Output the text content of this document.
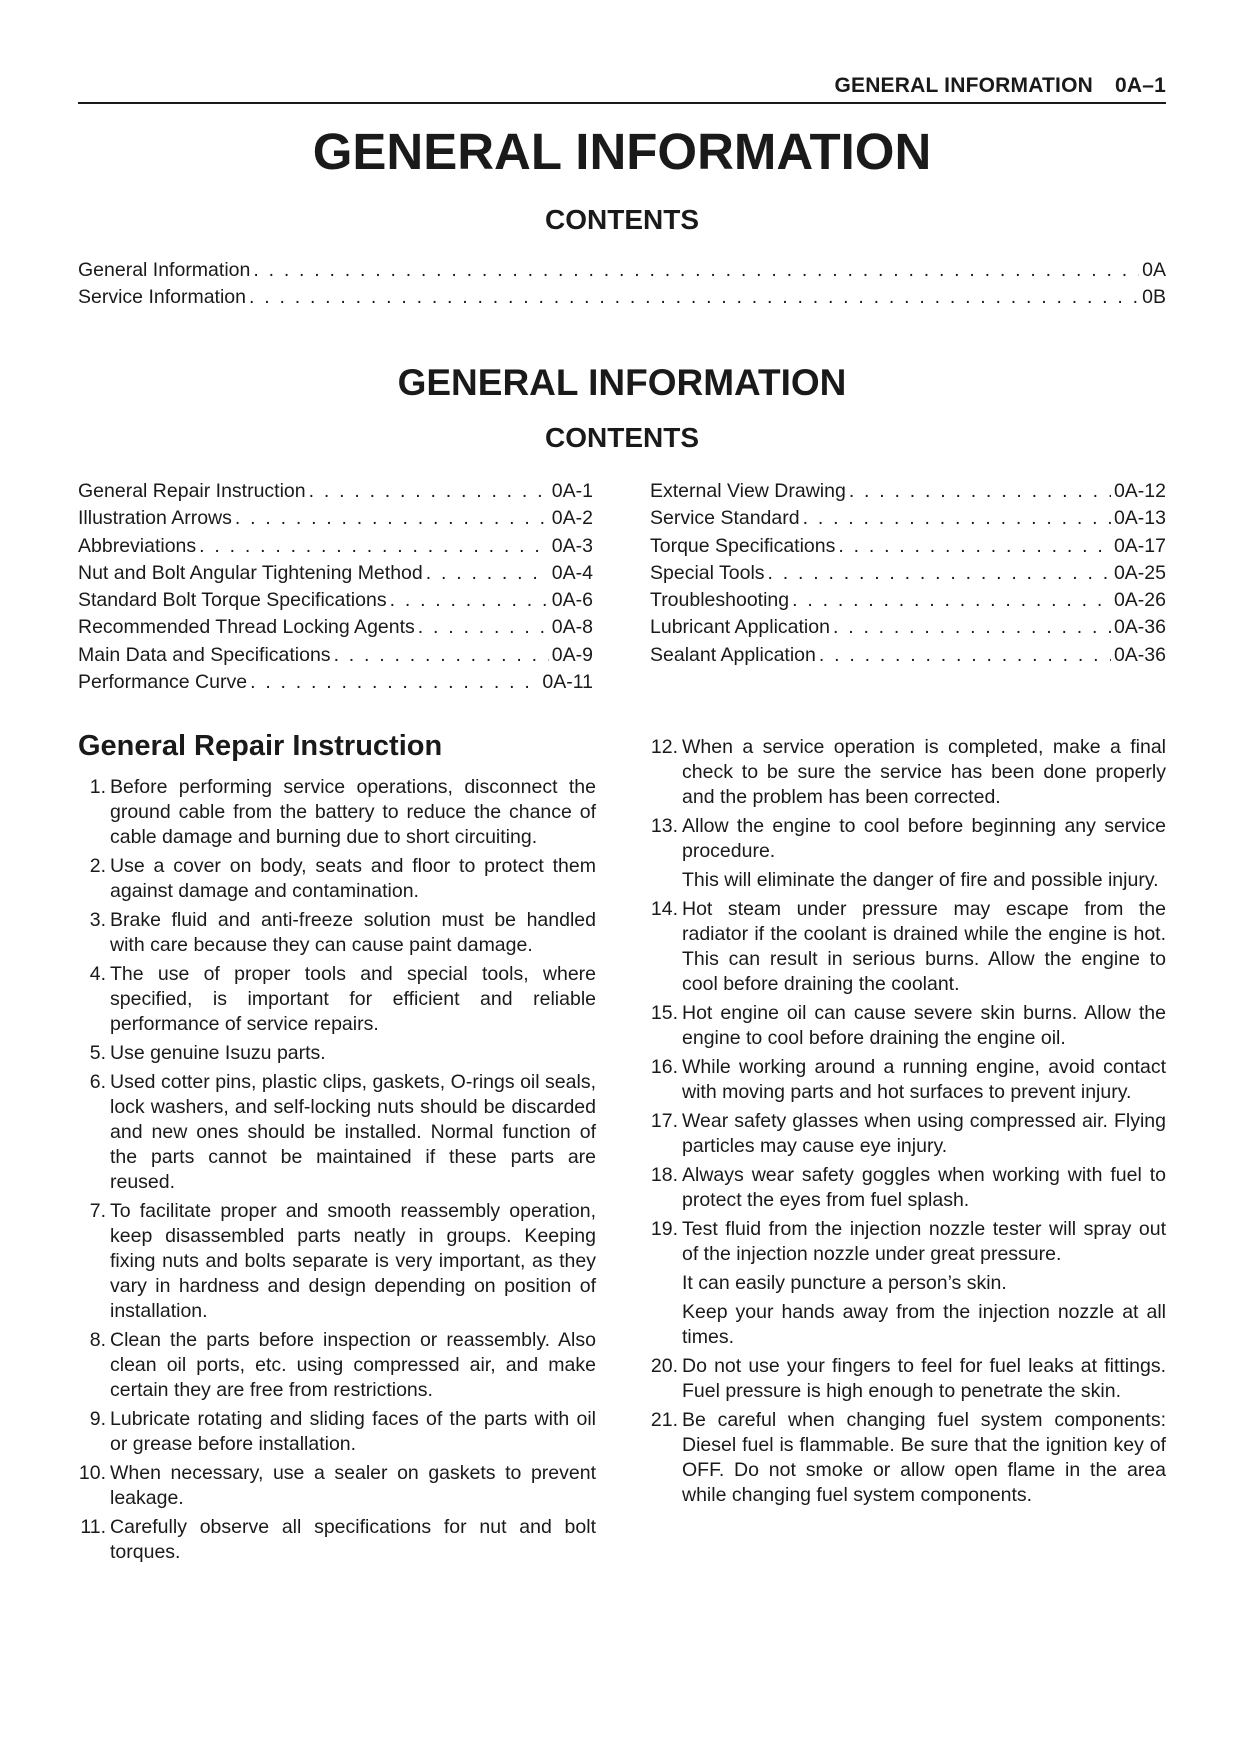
GENERAL INFORMATION 0A–1
GENERAL INFORMATION
CONTENTS
General Information . . .	0A
Service Information . . .	0B
GENERAL INFORMATION
CONTENTS
General Repair Instruction . . .	0A-1
Illustration Arrows . . .	0A-2
Abbreviations . . .	0A-3
Nut and Bolt Angular Tightening Method . . .	0A-4
Standard Bolt Torque Specifications . . .	0A-6
Recommended Thread Locking Agents . . .	0A-8
Main Data and Specifications . . .	0A-9
Performance Curve . . .	0A-11
External View Drawing . . .	0A-12
Service Standard . . .	0A-13
Torque Specifications . . .	0A-17
Special Tools . . .	0A-25
Troubleshooting . . .	0A-26
Lubricant Application . . .	0A-36
Sealant Application . . .	0A-36
General Repair Instruction
1. Before performing service operations, disconnect the ground cable from the battery to reduce the chance of cable damage and burning due to short circuiting.
2. Use a cover on body, seats and floor to protect them against damage and contamination.
3. Brake fluid and anti-freeze solution must be handled with care because they can cause paint damage.
4. The use of proper tools and special tools, where specified, is important for efficient and reliable performance of service repairs.
5. Use genuine Isuzu parts.
6. Used cotter pins, plastic clips, gaskets, O-rings oil seals, lock washers, and self-locking nuts should be discarded and new ones should be installed. Normal function of the parts cannot be maintained if these parts are reused.
7. To facilitate proper and smooth reassembly operation, keep disassembled parts neatly in groups. Keeping fixing nuts and bolts separate is very important, as they vary in hardness and design depending on position of installation.
8. Clean the parts before inspection or reassembly. Also clean oil ports, etc. using compressed air, and make certain they are free from restrictions.
9. Lubricate rotating and sliding faces of the parts with oil or grease before installation.
10. When necessary, use a sealer on gaskets to prevent leakage.
11. Carefully observe all specifications for nut and bolt torques.
12. When a service operation is completed, make a final check to be sure the service has been done properly and the problem has been corrected.
13. Allow the engine to cool before beginning any service procedure.
This will eliminate the danger of fire and possible injury.
14. Hot steam under pressure may escape from the radiator if the coolant is drained while the engine is hot. This can result in serious burns. Allow the engine to cool before draining the coolant.
15. Hot engine oil can cause severe skin burns. Allow the engine to cool before draining the engine oil.
16. While working around a running engine, avoid contact with moving parts and hot surfaces to prevent injury.
17. Wear safety glasses when using compressed air. Flying particles may cause eye injury.
18. Always wear safety goggles when working with fuel to protect the eyes from fuel splash.
19. Test fluid from the injection nozzle tester will spray out of the injection nozzle under great pressure.
It can easily puncture a person’s skin.
Keep your hands away from the injection nozzle at all times.
20. Do not use your fingers to feel for fuel leaks at fittings. Fuel pressure is high enough to penetrate the skin.
21. Be careful when changing fuel system components: Diesel fuel is flammable. Be sure that the ignition key of OFF. Do not smoke or allow open flame in the area while changing fuel system components.
